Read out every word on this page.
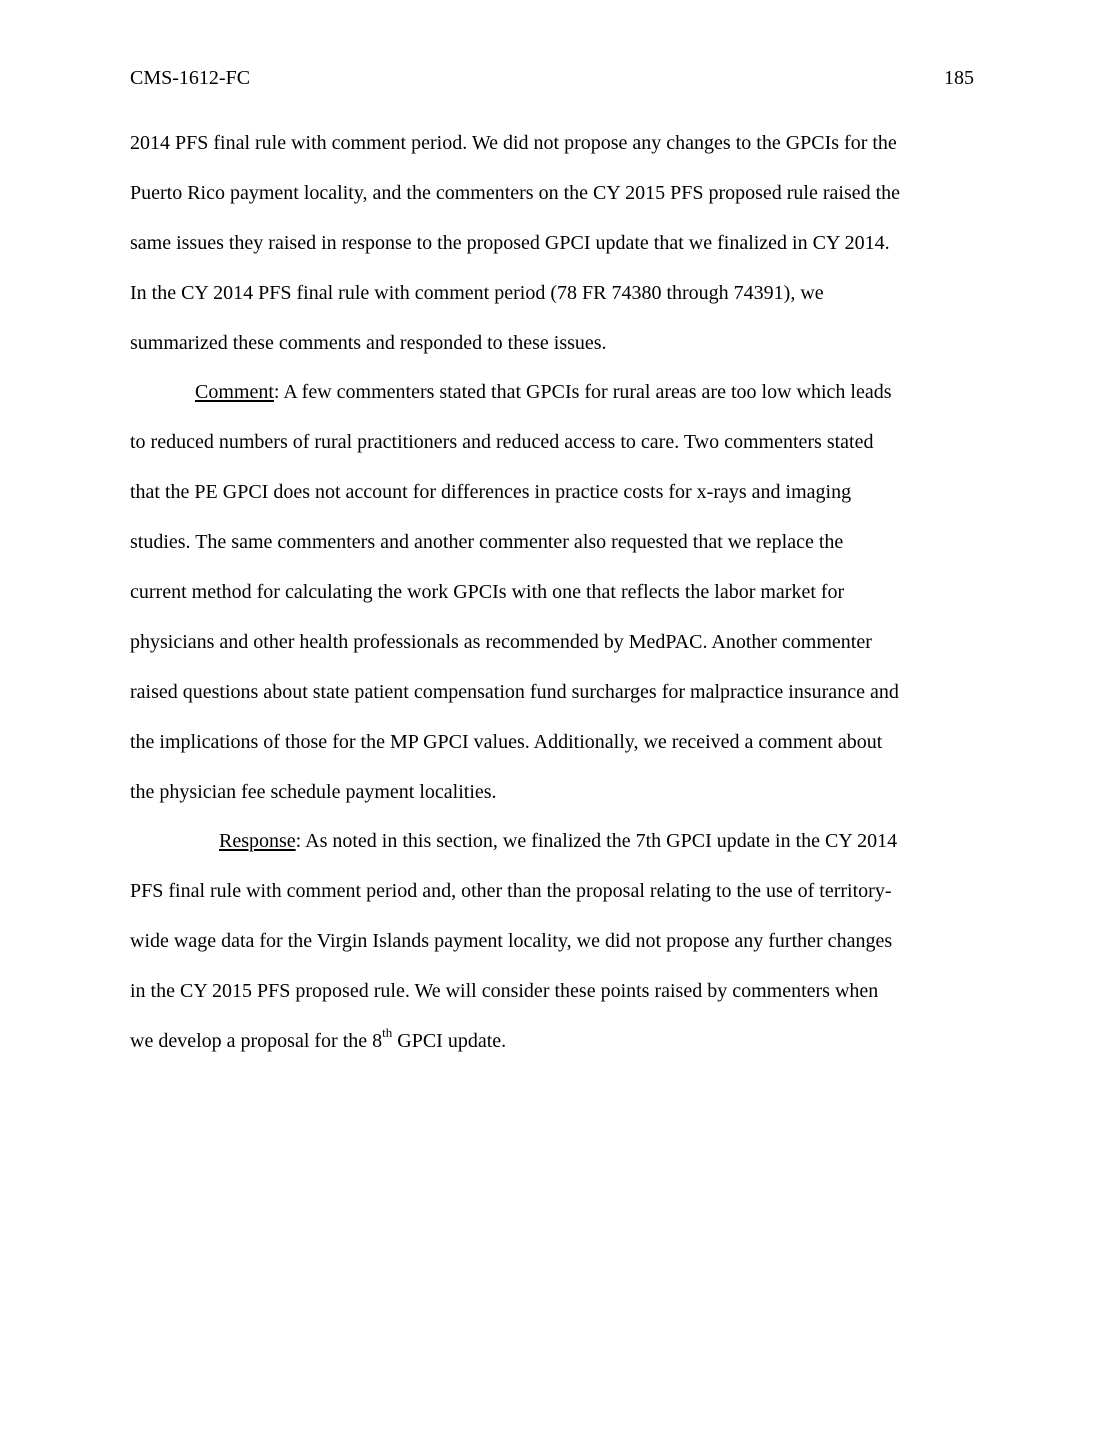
CMS-1612-FC	185
2014 PFS final rule with comment period. We did not propose any changes to the GPCIs for the
Puerto Rico payment locality, and the commenters on the CY 2015 PFS proposed rule raised the
same issues they raised in response to the proposed GPCI update that we finalized in CY 2014.
In the CY 2014 PFS final rule with comment period (78 FR 74380 through 74391), we
summarized these comments and responded to these issues.
Comment: A few commenters stated that GPCIs for rural areas are too low which leads
to reduced numbers of rural practitioners and reduced access to care. Two commenters stated
that the PE GPCI does not account for differences in practice costs for x-rays and imaging
studies. The same commenters and another commenter also requested that we replace the
current method for calculating the work GPCIs with one that reflects the labor market for
physicians and other health professionals as recommended by MedPAC. Another commenter
raised questions about state patient compensation fund surcharges for malpractice insurance and
the implications of those for the MP GPCI values. Additionally, we received a comment about
the physician fee schedule payment localities.
Response: As noted in this section, we finalized the 7th GPCI update in the CY 2014
PFS final rule with comment period and, other than the proposal relating to the use of territory-
wide wage data for the Virgin Islands payment locality, we did not propose any further changes
in the CY 2015 PFS proposed rule. We will consider these points raised by commenters when
we develop a proposal for the 8th GPCI update.
